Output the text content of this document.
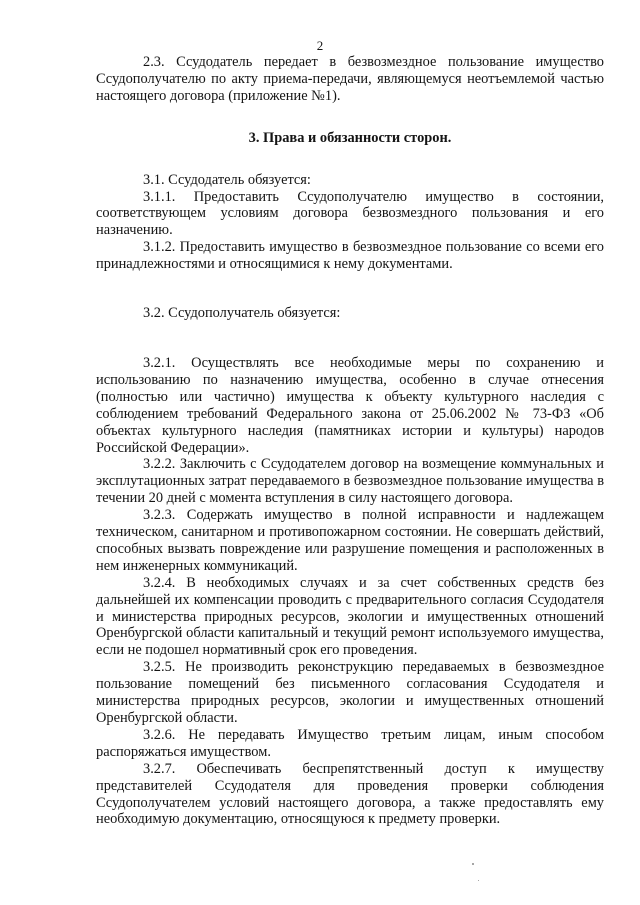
2

2.3. Ссудодатель передает в безвозмездное пользование имущество Ссудополучателю по акту приема-передачи, являющемуся неотъемлемой частью настоящего договора (приложение №1).

3. Права и обязанности сторон.

3.1. Ссудодатель обязуется:

3.1.1. Предоставить Ссудополучателю имущество в состоянии, соответствующем условиям договора безвозмездного пользования и его назначению.

3.1.2. Предоставить имущество в безвозмездное пользование со всеми его принадлежностями и относящимися к нему документами.

3.2. Ссудополучатель обязуется:

3.2.1. Осуществлять все необходимые меры по сохранению и использованию по назначению имущества, особенно в случае отнесения (полностью или частично) имущества к объекту культурного наследия с соблюдением требований Федерального закона от 25.06.2002 № 73-ФЗ «Об объектах культурного наследия (памятниках истории и культуры) народов Российской Федерации».

3.2.2. Заключить с Ссудодателем договор на возмещение коммунальных и эксплутационных затрат передаваемого в безвозмездное пользование имущества в течении 20 дней с момента вступления в силу настоящего договора.

3.2.3. Содержать имущество в полной исправности и надлежащем техническом, санитарном и противопожарном состоянии. Не совершать действий, способных вызвать повреждение или разрушение помещения и расположенных в нем инженерных коммуникаций.

3.2.4. В необходимых случаях и за счет собственных средств без дальнейшей их компенсации проводить с предварительного согласия Ссудодателя и министерства природных ресурсов, экологии и имущественных отношений Оренбургской области капитальный и текущий ремонт используемого имущества, если не подошел нормативный срок его проведения.

3.2.5. Не производить реконструкцию передаваемых в безвозмездное пользование помещений без письменного согласования Ссудодателя и министерства природных ресурсов, экологии и имущественных отношений Оренбургской области.

3.2.6. Не передавать Имущество третьим лицам, иным способом распоряжаться имуществом.

3.2.7. Обеспечивать беспрепятственный доступ к имуществу представителей Ссудодателя для проведения проверки соблюдения Ссудополучателем условий настоящего договора, а также предоставлять ему необходимую документацию, относящуюся к предмету проверки.
